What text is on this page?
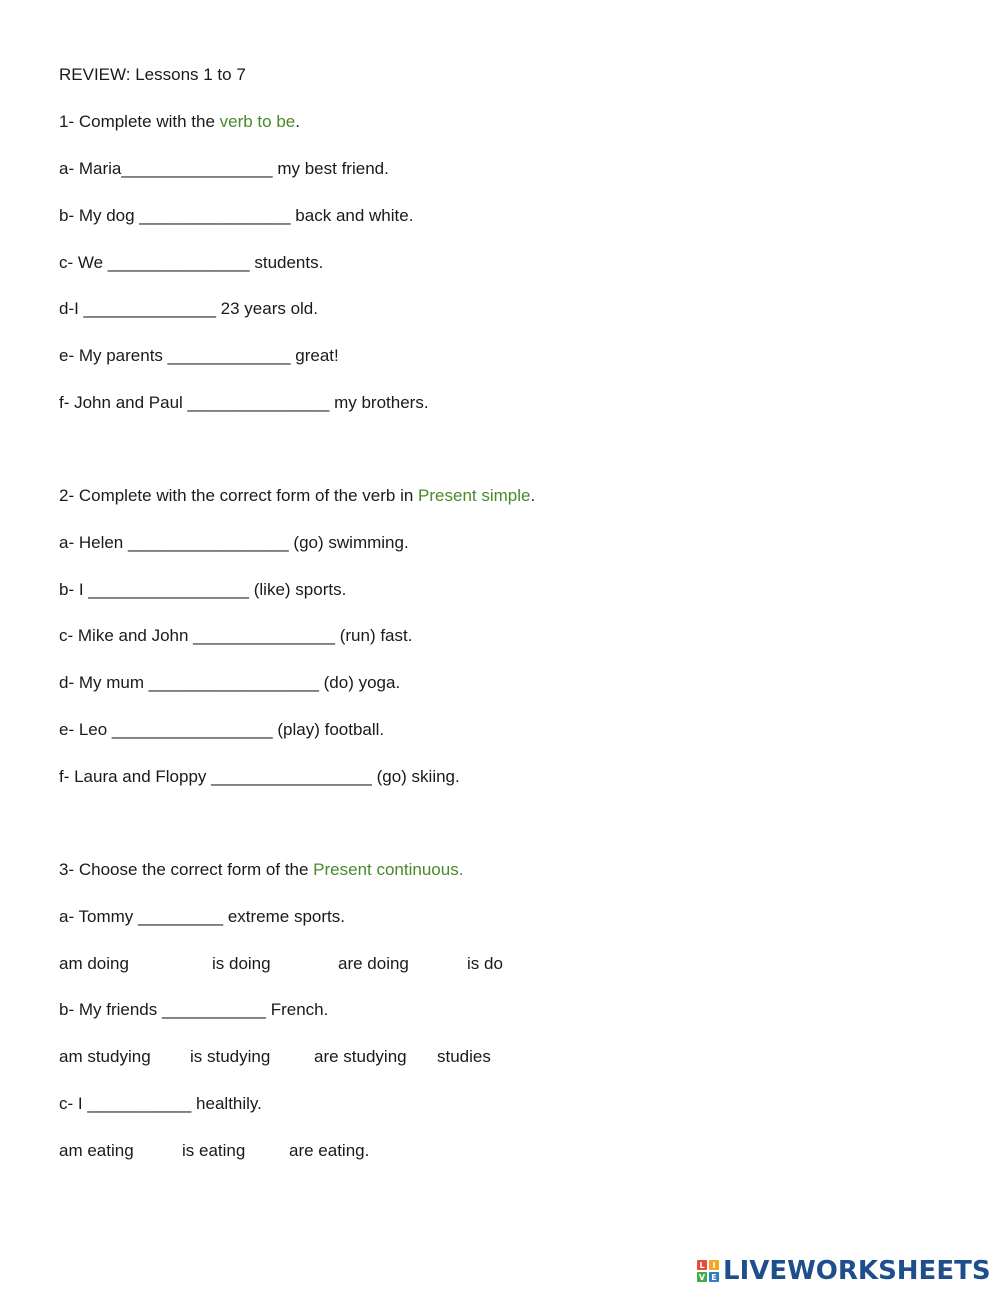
REVIEW: Lessons 1 to 7
1- Complete with the verb to be.
a- Maria________________ my best friend.
b- My dog ________________ back and white.
c- We _______________ students.
d-I ______________ 23 years old.
e- My parents _____________ great!
f- John and Paul _______________ my brothers.
2- Complete with the correct form of the verb in Present simple.
a- Helen _________________ (go) swimming.
b- I _________________ (like) sports.
c- Mike and John _______________ (run) fast.
d- My mum __________________ (do) yoga.
e- Leo _________________ (play) football.
f- Laura and Floppy _________________ (go) skiing.
3- Choose the correct form of the Present continuous.
a- Tommy _________ extreme sports.
am doing	is doing	are doing	is do
b- My friends ___________ French.
am studying is studying	are studying studies
c- I ___________ healthily.
am eating	is eating	are eating.
L I
V E LIVEWORKSHEETS
